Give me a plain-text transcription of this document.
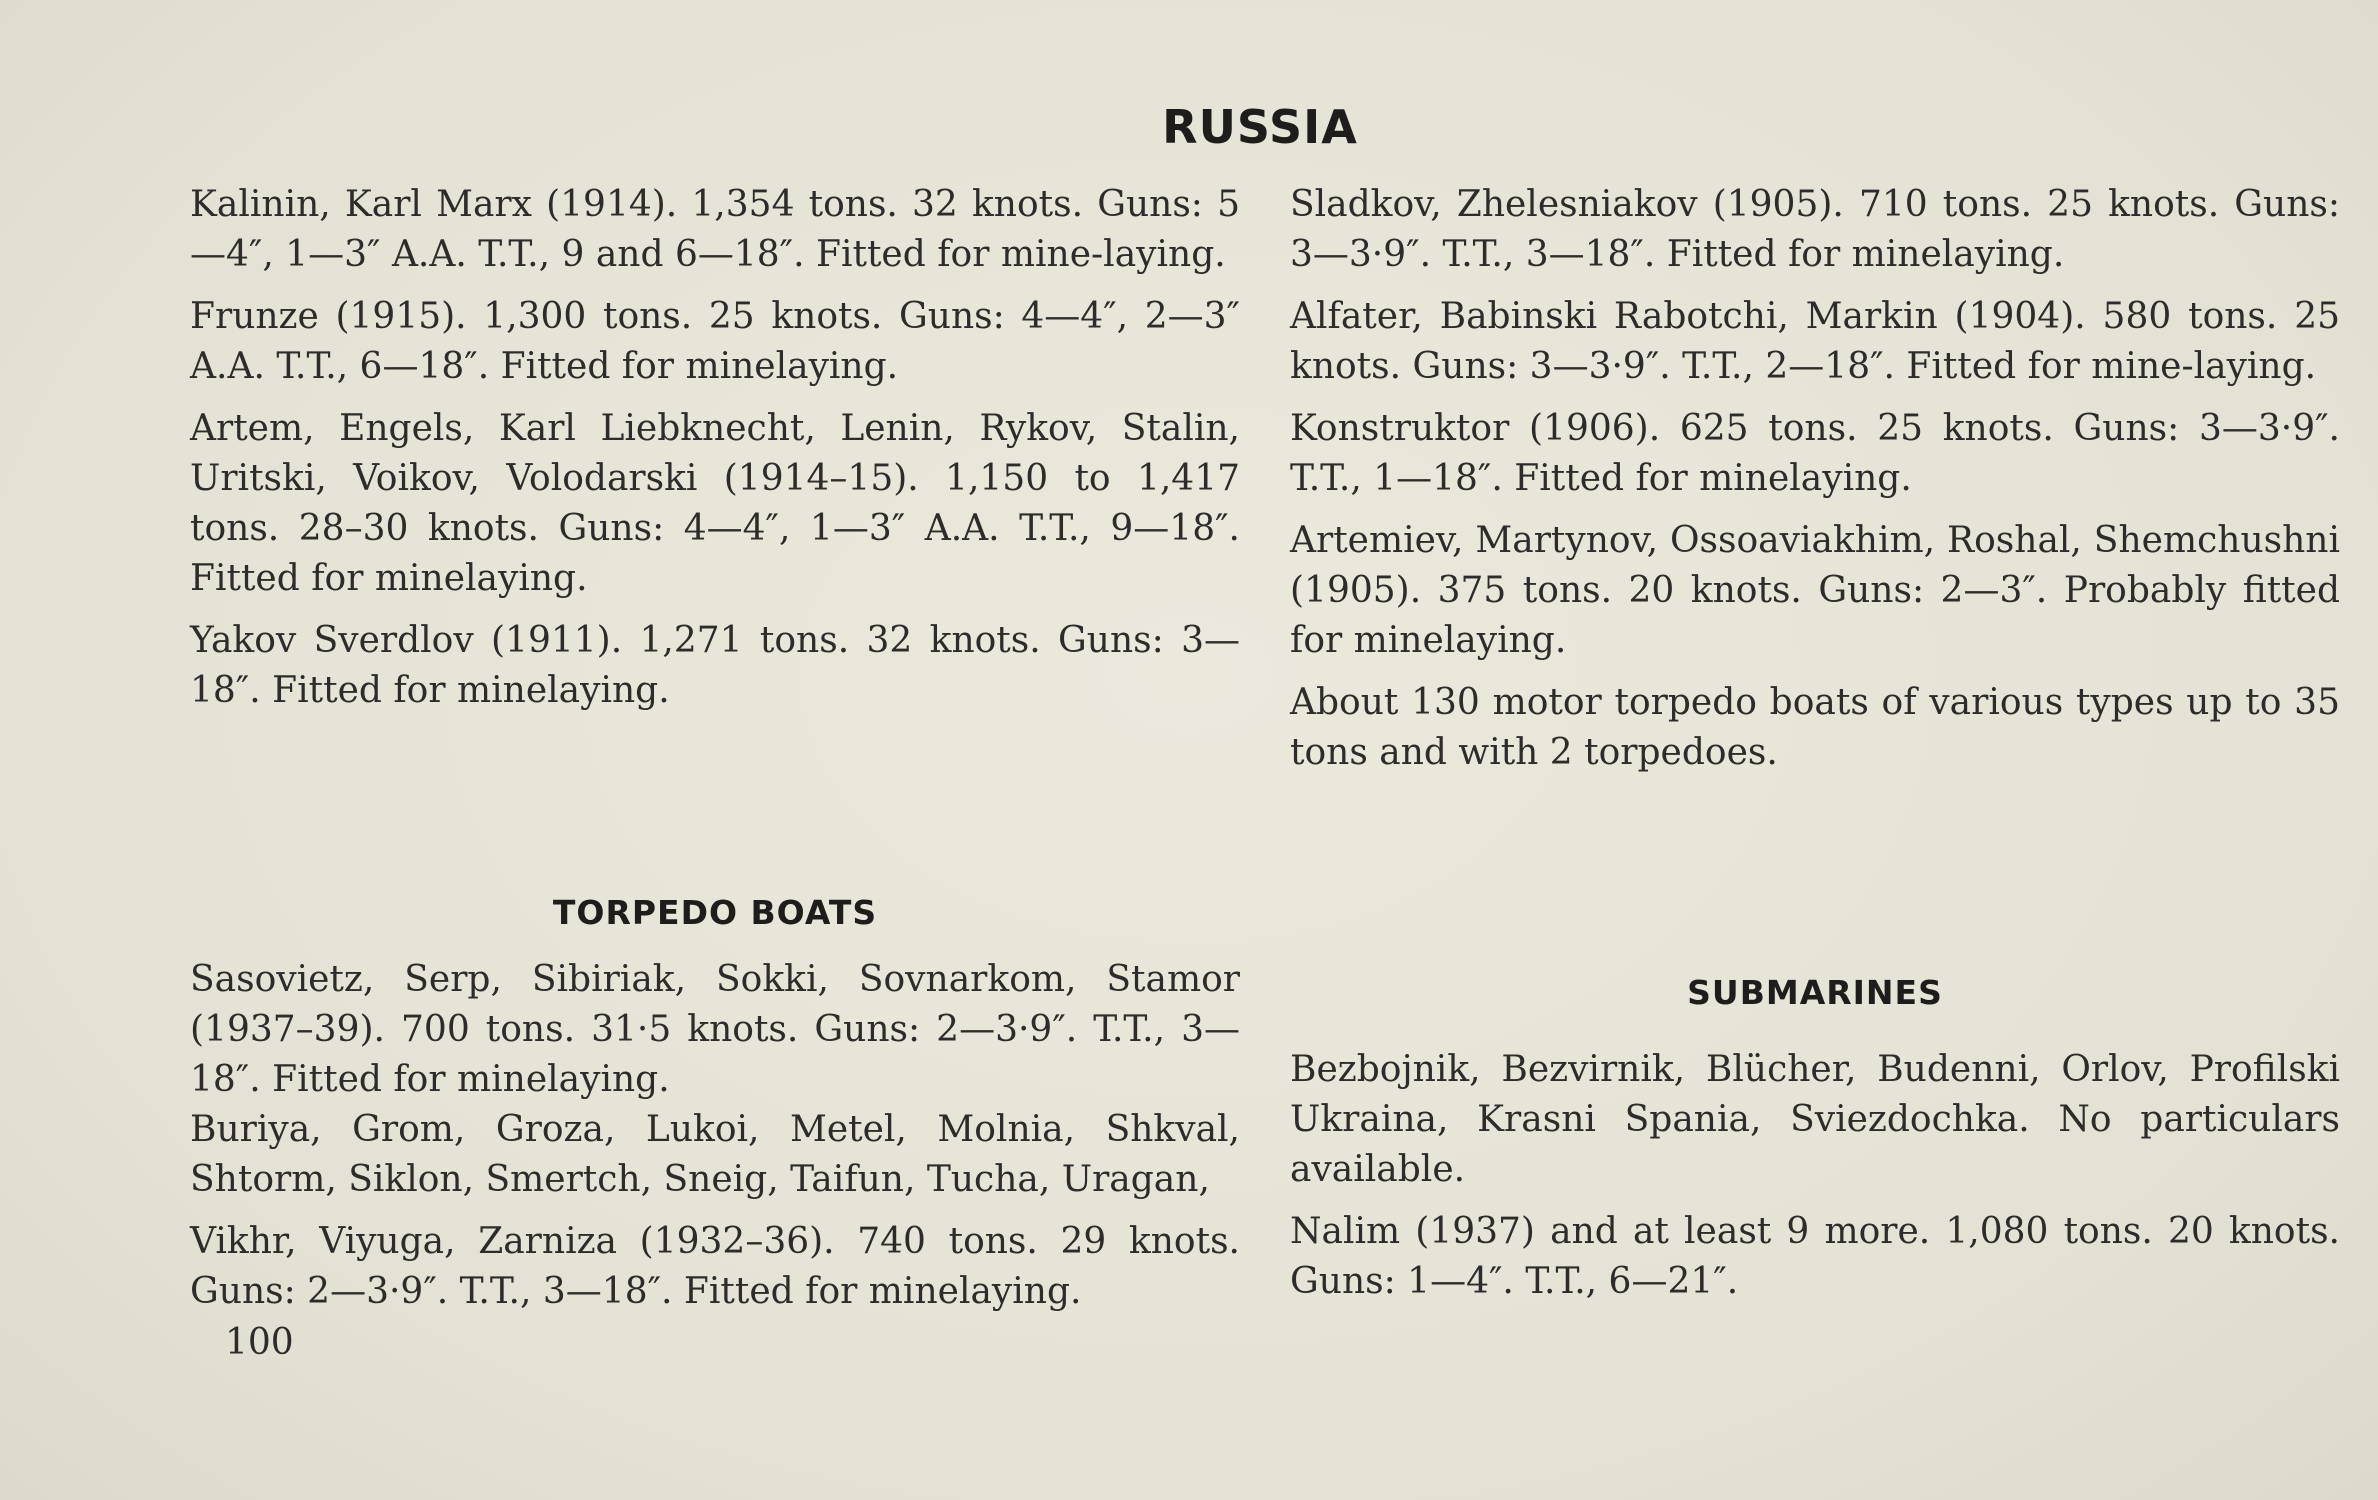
RUSSIA

Kalinin, Karl Marx (1914). 1,354 tons. 32 knots. Guns: 5—4″, 1—3″ A.A. T.T., 9 and 6—18″. Fitted for mine-laying.

Frunze (1915). 1,300 tons. 25 knots. Guns: 4—4″, 2—3″ A.A. T.T., 6—18″. Fitted for minelaying.

Artem, Engels, Karl Liebknecht, Lenin, Rykov, Stalin, Uritski, Voikov, Volodarski (1914–15). 1,150 to 1,417 tons. 28–30 knots. Guns: 4—4″, 1—3″ A.A. T.T., 9—18″. Fitted for minelaying.

Yakov Sverdlov (1911). 1,271 tons. 32 knots. Guns: 3—18″. Fitted for minelaying.

TORPEDO BOATS

Sasovietz, Serp, Sibiriak, Sokki, Sovnarkom, Stamor (1937–39). 700 tons. 31·5 knots. Guns: 2—3·9″. T.T., 3—18″. Fitted for minelaying.

Buriya, Grom, Groza, Lukoi, Metel, Molnia, Shkval, Shtorm, Siklon, Smertch, Sneig, Taifun, Tucha, Uragan,

Vikhr, Viyuga, Zarniza (1932–36). 740 tons. 29 knots. Guns: 2—3·9″. T.T., 3—18″. Fitted for minelaying.

Sladkov, Zhelesniakov (1905). 710 tons. 25 knots. Guns: 3—3·9″. T.T., 3—18″. Fitted for minelaying.

Alfater, Babinski Rabotchi, Markin (1904). 580 tons. 25 knots. Guns: 3—3·9″. T.T., 2—18″. Fitted for mine-laying.

Konstruktor (1906). 625 tons. 25 knots. Guns: 3—3·9″. T.T., 1—18″. Fitted for minelaying.

Artemiev, Martynov, Ossoaviakhim, Roshal, Shemchushni (1905). 375 tons. 20 knots. Guns: 2—3″. Probably fitted for minelaying.

About 130 motor torpedo boats of various types up to 35 tons and with 2 torpedoes.

SUBMARINES

Bezbojnik, Bezvirnik, Blücher, Budenni, Orlov, Profilski Ukraina, Krasni Spania, Sviezdochka. No particulars available.

Nalim (1937) and at least 9 more. 1,080 tons. 20 knots. Guns: 1—4″. T.T., 6—21″.

100
